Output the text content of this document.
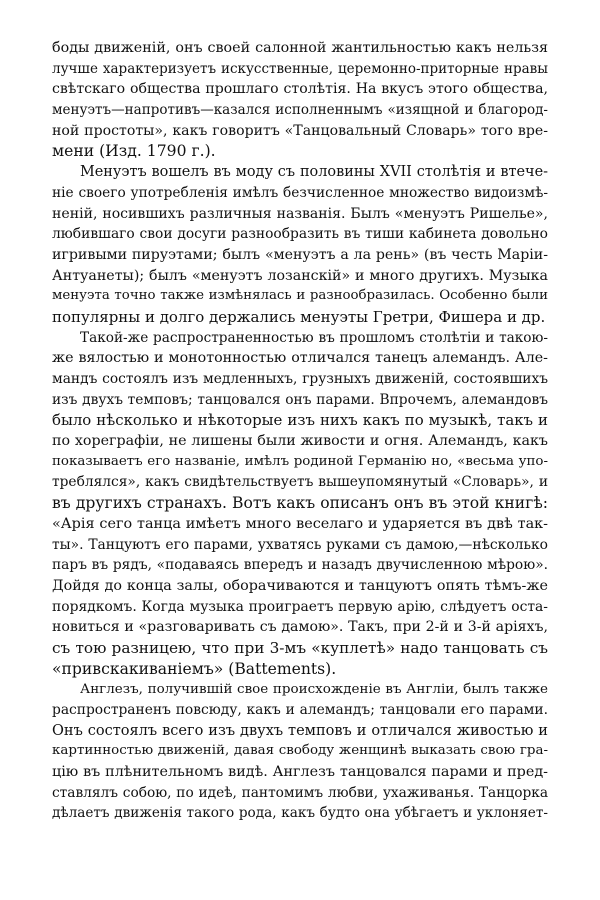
боды движеній, онъ своей салонной жантильностью какъ нельзя
лучше характеризуетъ искусственные, церемонно-приторные нравы
свѣтскаго общества прошлаго столѣтія. На вкусъ этого общества,
менуэтъ—напротивъ—казался исполненнымъ «изящной и благород-
ной простоты», какъ говоритъ «Танцовальный Словарь» того вре-
мени (Изд. 1790 г.).
Менуэтъ вошелъ въ моду съ половины XVII столѣтія и втече-
ніе своего употребленія имѣлъ безчисленное множество видоизмѣ-
неній, носившихъ различныя названія. Былъ «менуэтъ Ришелье»,
любившаго свои досуги разнообразить въ тиши кабинета довольно
игривыми пируэтами; былъ «менуэтъ а ла рень» (въ честь Маріи-
Антуанеты); былъ «менуэтъ лозанскій» и много другихъ. Музыка
менуэта точно также измѣнялась и разнообразилась. Особенно были
популярны и долго держались менуэты Гретри, Фишера и др.
Такой-же распространенностью въ прошломъ столѣтіи и такою-
же вялостью и монотонностью отличался танецъ алемандъ. Але-
мандъ состоялъ изъ медленныхъ, грузныхъ движеній, состоявшихъ
изъ двухъ темповъ; танцовался онъ парами. Впрочемъ, алемандовъ
было нѣсколько и нѣкоторые изъ нихъ какъ по музыкѣ, такъ и
по хореграфіи, не лишены были живости и огня. Алемандъ, какъ
показываетъ его названіе, имѣлъ родиной Германію но, «весьма упо-
треблялся», какъ свидѣтельствуетъ вышеупомянутый «Словарь», и
въ другихъ странахъ. Вотъ какъ описанъ онъ въ этой книгѣ:
«Арія сего танца имѣетъ много веселаго и ударяется въ двѣ так-
ты». Танцуютъ его парами, ухватясь руками съ дамою,—нѣсколько
паръ въ рядъ, «подаваясь впередъ и назадъ двучисленною мѣрою».
Дойдя до конца залы, оборачиваются и танцуютъ опять тѣмъ-же
порядкомъ. Когда музыка проиграетъ первую арію, слѣдуетъ оста-
новиться и «разговаривать съ дамою». Такъ, при 2-й и 3-й аріяхъ,
съ тою разницею, что при 3-мъ «куплетѣ» надо танцовать съ
«привскакиваніемъ» (Battements).
Англезъ, получившій свое происхожденіе въ Англіи, былъ также
распространенъ повсюду, какъ и алемандъ; танцовали его парами.
Онъ состоялъ всего изъ двухъ темповъ и отличался живостью и
картинностью движеній, давая свободу женщинѣ выказать свою гра-
цію въ плѣнительномъ видѣ. Англезъ танцовался парами и пред-
ставлялъ собою, по идеѣ, пантомимъ любви, ухаживанья. Танцорка
дѣлаетъ движенія такого рода, какъ будто она убѣгаетъ и уклоняет-
